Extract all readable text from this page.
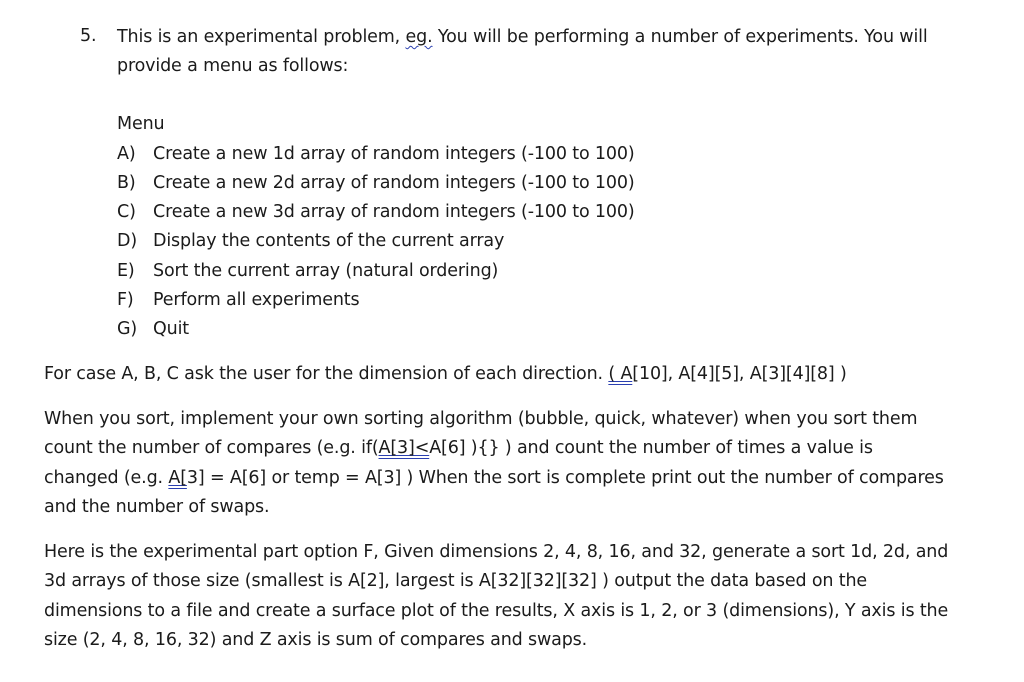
5. This is an experimental problem, eg. You will be performing a number of experiments. You will
provide a menu as follows:
Menu
A) Create a new 1d array of random integers (-100 to 100)
B) Create a new 2d array of random integers (-100 to 100)
C) Create a new 3d array of random integers (-100 to 100)
D) Display the contents of the current array
E) Sort the current array (natural ordering)
F) Perform all experiments
G) Quit
For case A, B, C ask the user for the dimension of each direction. ( A[10], A[4][5], A[3][4][8] )
When you sort, implement your own sorting algorithm (bubble, quick, whatever) when you sort them
count the number of compares (e.g. if(A[3]<A[6] ){} ) and count the number of times a value is
changed (e.g. A[3] = A[6] or temp = A[3] ) When the sort is complete print out the number of compares
and the number of swaps.
Here is the experimental part option F, Given dimensions 2, 4, 8, 16, and 32, generate a sort 1d, 2d, and
3d arrays of those size (smallest is A[2], largest is A[32][32][32] ) output the data based on the
dimensions to a file and create a surface plot of the results, X axis is 1, 2, or 3 (dimensions), Y axis is the
size (2, 4, 8, 16, 32) and Z axis is sum of compares and swaps.
